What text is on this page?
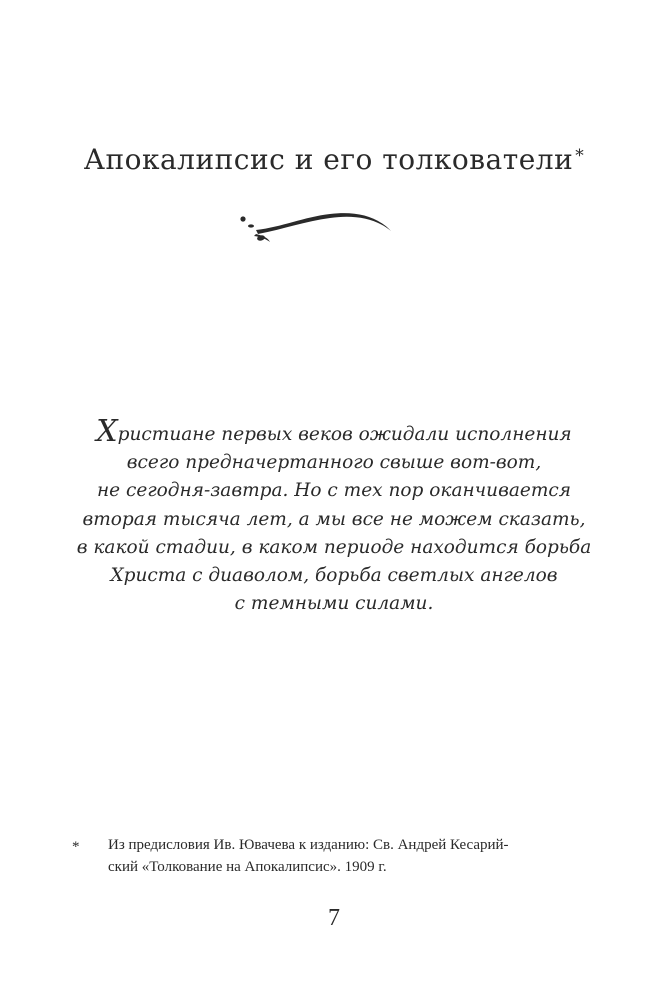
Апокалипсис и его толкователи *
Христиане первых веков ожидали исполнения
всего предначертанного свыше вот-вот,
не сегодня-завтра. Но с тех пор оканчивается
вторая тысяча лет, а мы все не можем сказать,
в какой стадии, в каком периоде находится борьба
Христа с диаволом, борьба светлых ангелов
с темными силами.
* Из предисловия Ив. Ювачева к изданию: Св. Андрей Кесарий-
ский «Толкование на Апокалипсис». 1909 г.
7
